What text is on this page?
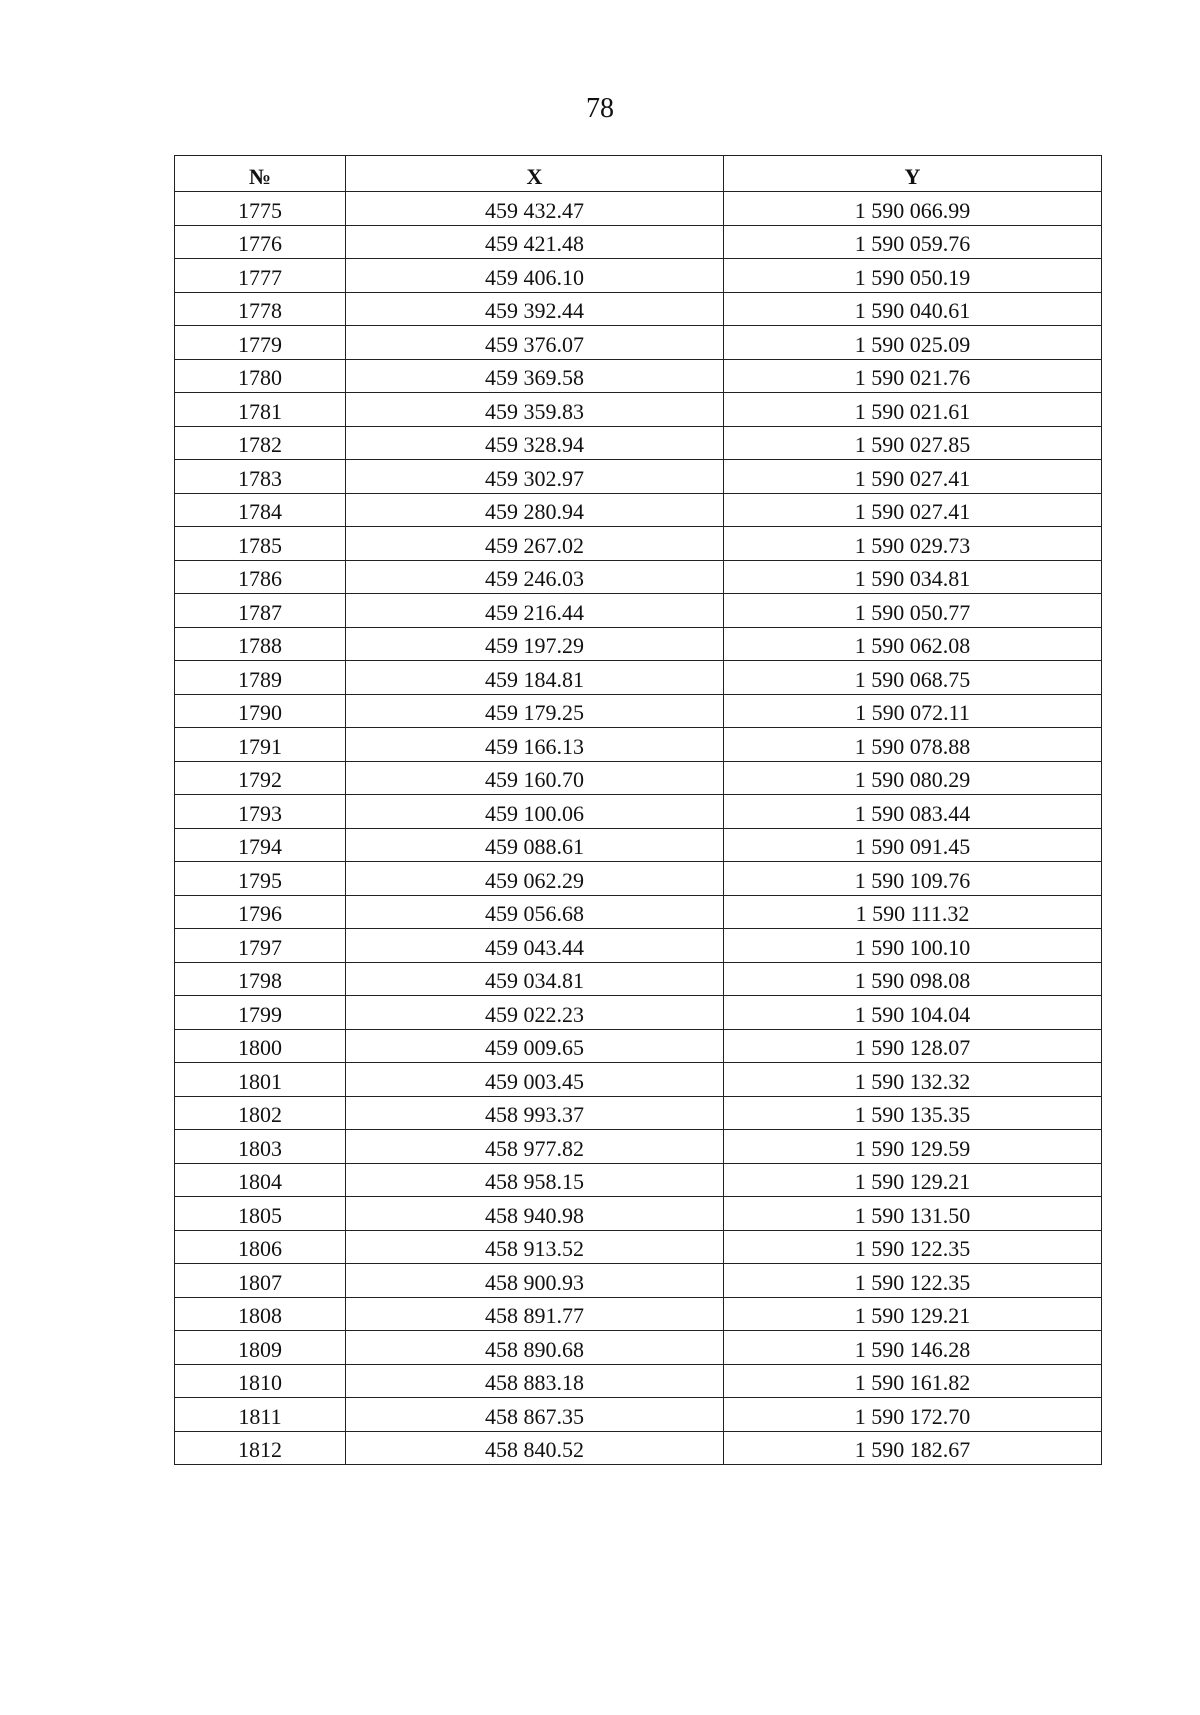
78
№	X	Y
1775	459 432.47	1 590 066.99
1776	459 421.48	1 590 059.76
1777	459 406.10	1 590 050.19
1778	459 392.44	1 590 040.61
1779	459 376.07	1 590 025.09
1780	459 369.58	1 590 021.76
1781	459 359.83	1 590 021.61
1782	459 328.94	1 590 027.85
1783	459 302.97	1 590 027.41
1784	459 280.94	1 590 027.41
1785	459 267.02	1 590 029.73
1786	459 246.03	1 590 034.81
1787	459 216.44	1 590 050.77
1788	459 197.29	1 590 062.08
1789	459 184.81	1 590 068.75
1790	459 179.25	1 590 072.11
1791	459 166.13	1 590 078.88
1792	459 160.70	1 590 080.29
1793	459 100.06	1 590 083.44
1794	459 088.61	1 590 091.45
1795	459 062.29	1 590 109.76
1796	459 056.68	1 590 111.32
1797	459 043.44	1 590 100.10
1798	459 034.81	1 590 098.08
1799	459 022.23	1 590 104.04
1800	459 009.65	1 590 128.07
1801	459 003.45	1 590 132.32
1802	458 993.37	1 590 135.35
1803	458 977.82	1 590 129.59
1804	458 958.15	1 590 129.21
1805	458 940.98	1 590 131.50
1806	458 913.52	1 590 122.35
1807	458 900.93	1 590 122.35
1808	458 891.77	1 590 129.21
1809	458 890.68	1 590 146.28
1810	458 883.18	1 590 161.82
1811	458 867.35	1 590 172.70
1812	458 840.52	1 590 182.67
